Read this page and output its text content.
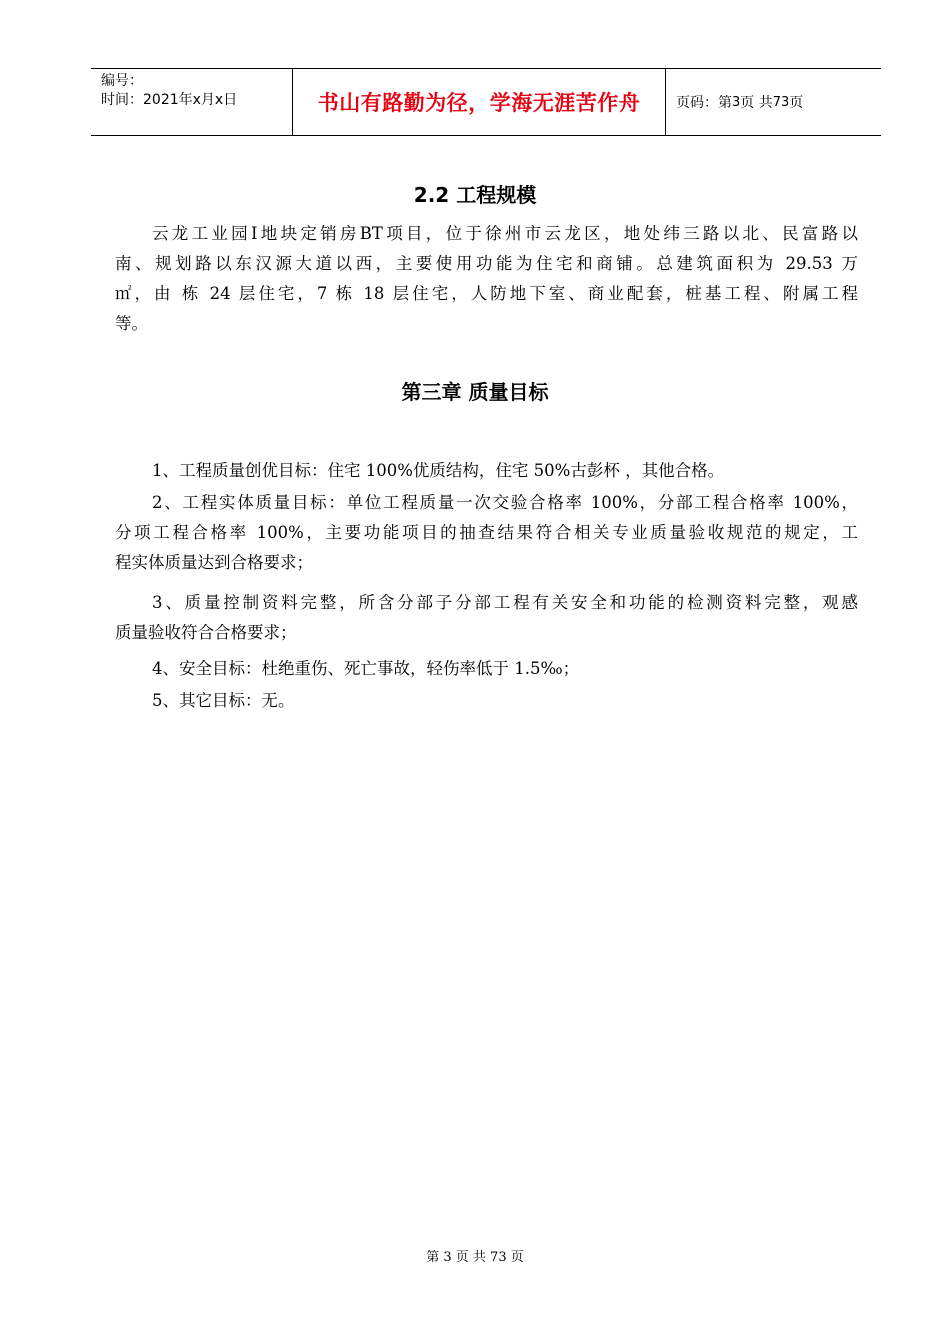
编号：
时间：2021年x月x日	书山有路勤为径，学海无涯苦作舟	页码：第 3 页 共 73 页
2.2 工程规模
云龙工业园I地块定销房BT项目，位于徐州市云龙区，地处纬三路以北、民富路以
南、规划路以东汉源大道以西，主要使用功能为住宅和商铺。总建筑面积为 29.53 万
㎡，由 栋 24 层住宅，7 栋 18 层住宅，人防地下室、商业配套，桩基工程、附属工程
等。
第三章 质量目标
1、工程质量创优目标：住宅 100%优质结构，住宅 50%古彭杯 ，其他合格。
2、工程实体质量目标：单位工程质量一次交验合格率 100%，分部工程合格率 100%，
分项工程合格率 100%，主要功能项目的抽查结果符合相关专业质量验收规范的规定，工
程实体质量达到合格要求；
3、质量控制资料完整，所含分部子分部工程有关安全和功能的检测资料完整，观感
质量验收符合合格要求；
4、安全目标：杜绝重伤、死亡事故，轻伤率低于 1.5‰；
5、其它目标：无。
第 3 页 共 73 页
